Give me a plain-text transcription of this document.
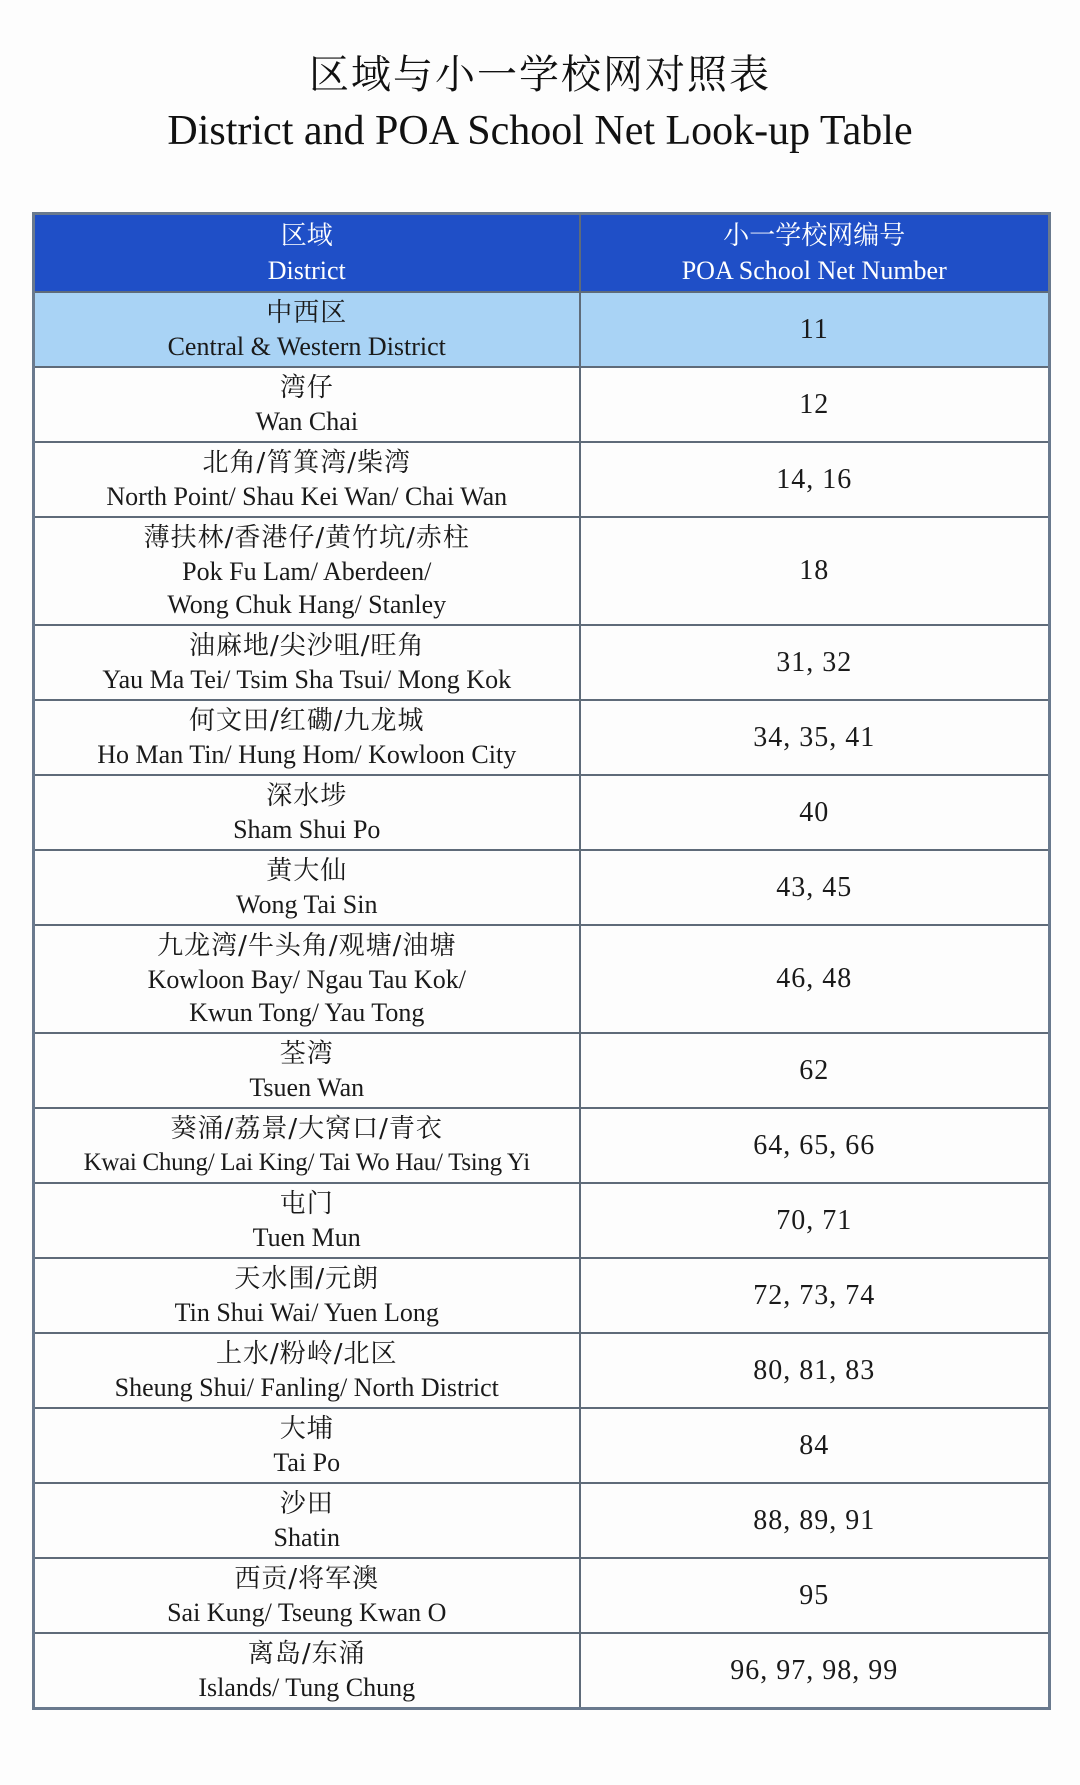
区域与小一学校网对照表
District and POA School Net Look-up Table
区域
District	小一学校网编号
POA School Net Number

中西区
Central & Western District	11

湾仔
Wan Chai	12

北角/筲箕湾/柴湾
North Point/ Shau Kei Wan/ Chai Wan	14, 16

薄扶林/香港仔/黄竹坑/赤柱
Pok Fu Lam/ Aberdeen/
Wong Chuk Hang/ Stanley	18

油麻地/尖沙咀/旺角
Yau Ma Tei/ Tsim Sha Tsui/ Mong Kok	31, 32

何文田/红磡/九龙城
Ho Man Tin/ Hung Hom/ Kowloon City	34, 35, 41

深水埗
Sham Shui Po	40

黄大仙
Wong Tai Sin	43, 45

九龙湾/牛头角/观塘/油塘
Kowloon Bay/ Ngau Tau Kok/
Kwun Tong/ Yau Tong	46, 48

荃湾
Tsuen Wan	62

葵涌/荔景/大窝口/青衣
Kwai Chung/ Lai King/ Tai Wo Hau/ Tsing Yi	64, 65, 66

屯门
Tuen Mun	70, 71

天水围/元朗
Tin Shui Wai/ Yuen Long	72, 73, 74

上水/粉岭/北区
Sheung Shui/ Fanling/ North District	80, 81, 83

大埔
Tai Po	84

沙田
Shatin	88, 89, 91

西贡/将军澳
Sai Kung/ Tseung Kwan O	95

离岛/东涌
Islands/ Tung Chung	96, 97, 98, 99
